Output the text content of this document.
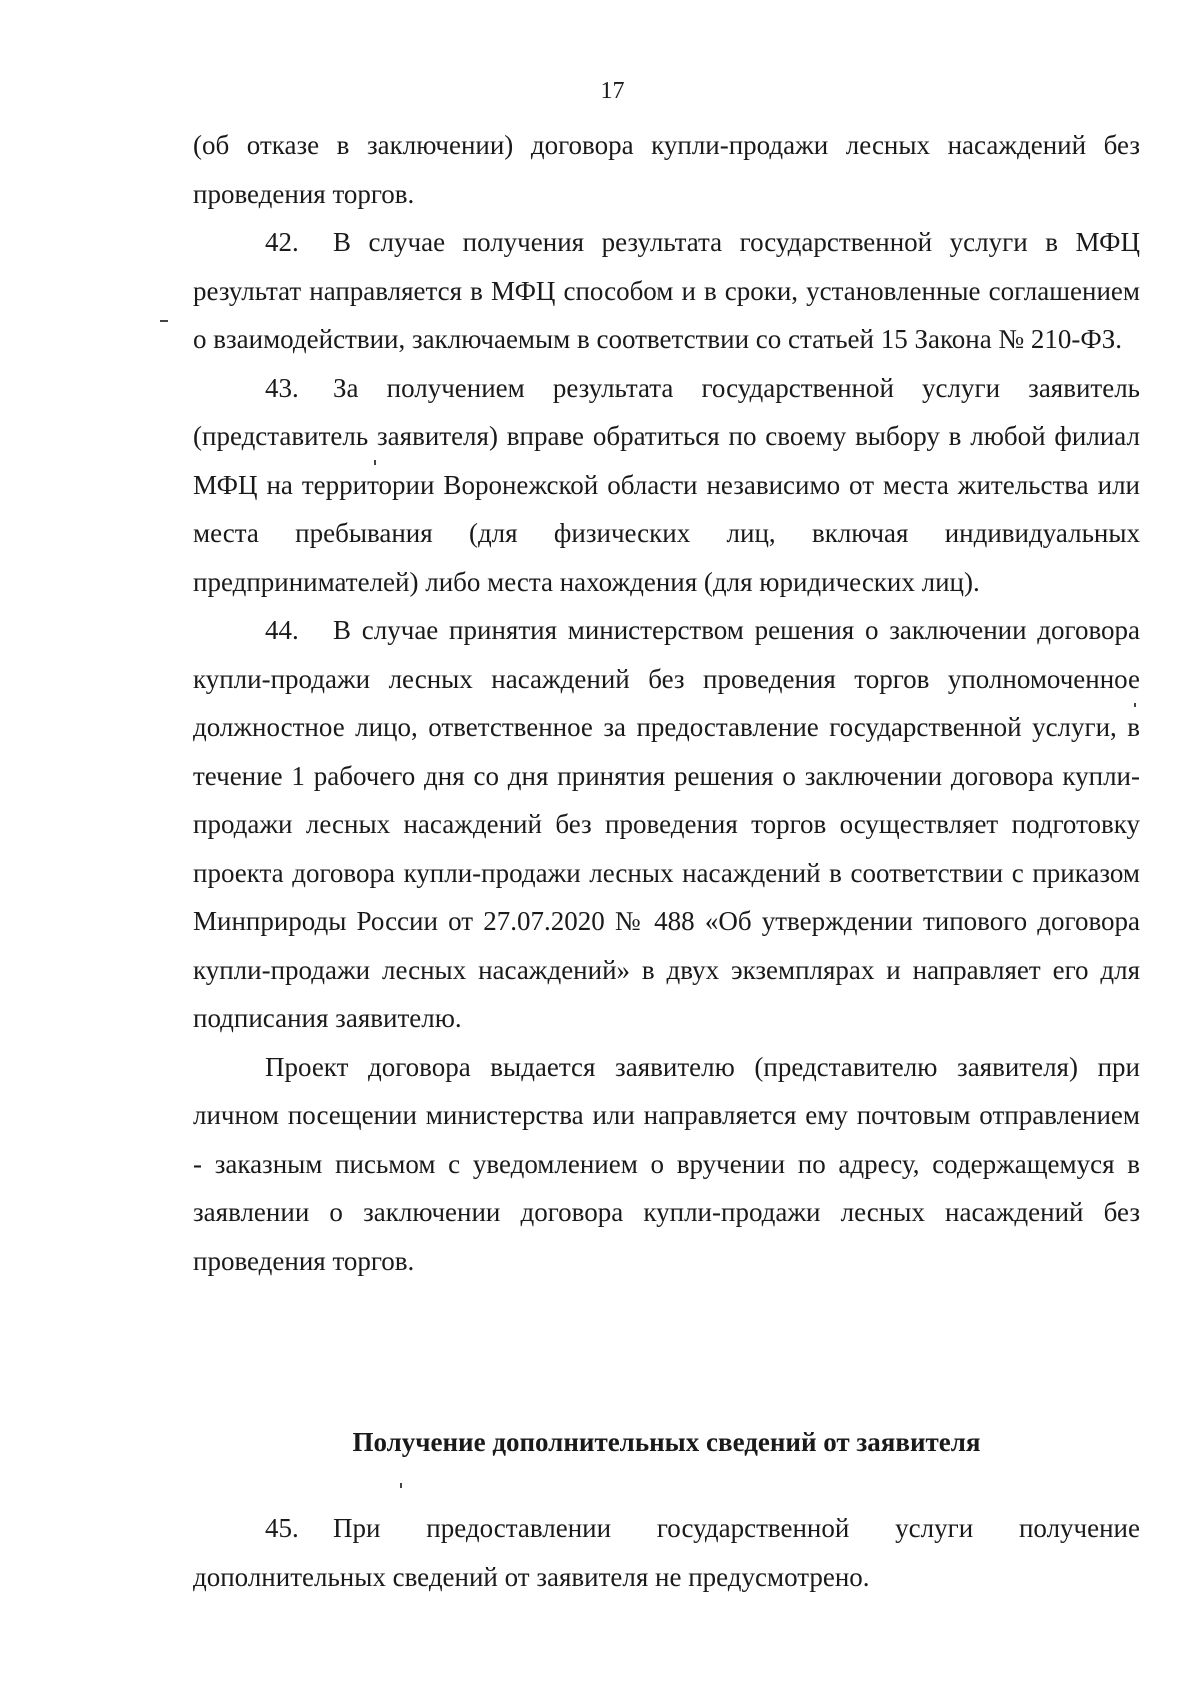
17

(об отказе в заключении) договора купли-продажи лесных насаждений без проведения торгов.

42. В случае получения результата государственной услуги в МФЦ результат направляется в МФЦ способом и в сроки, установленные соглашением о взаимодействии, заключаемым в соответствии со статьей 15 Закона № 210-ФЗ.

43. За получением результата государственной услуги заявитель (представитель заявителя) вправе обратиться по своему выбору в любой филиал МФЦ на территории Воронежской области независимо от места жительства или места пребывания (для физических лиц, включая индивидуальных предпринимателей) либо места нахождения (для юридических лиц).

44. В случае принятия министерством решения о заключении договора купли-продажи лесных насаждений без проведения торгов уполномоченное должностное лицо, ответственное за предоставление государственной услуги, в течение 1 рабочего дня со дня принятия решения о заключении договора купли-продажи лесных насаждений без проведения торгов осуществляет подготовку проекта договора купли-продажи лесных насаждений в соответствии с приказом Минприроды России от 27.07.2020 № 488 «Об утверждении типового договора купли-продажи лесных насаждений» в двух экземплярах и направляет его для подписания заявителю.

Проект договора выдается заявителю (представителю заявителя) при личном посещении министерства или направляется ему почтовым отправлением - заказным письмом с уведомлением о вручении по адресу, содержащемуся в заявлении о заключении договора купли-продажи лесных насаждений без проведения торгов.

Получение дополнительных сведений от заявителя

45. При предоставлении государственной услуги получение дополнительных сведений от заявителя не предусмотрено.
